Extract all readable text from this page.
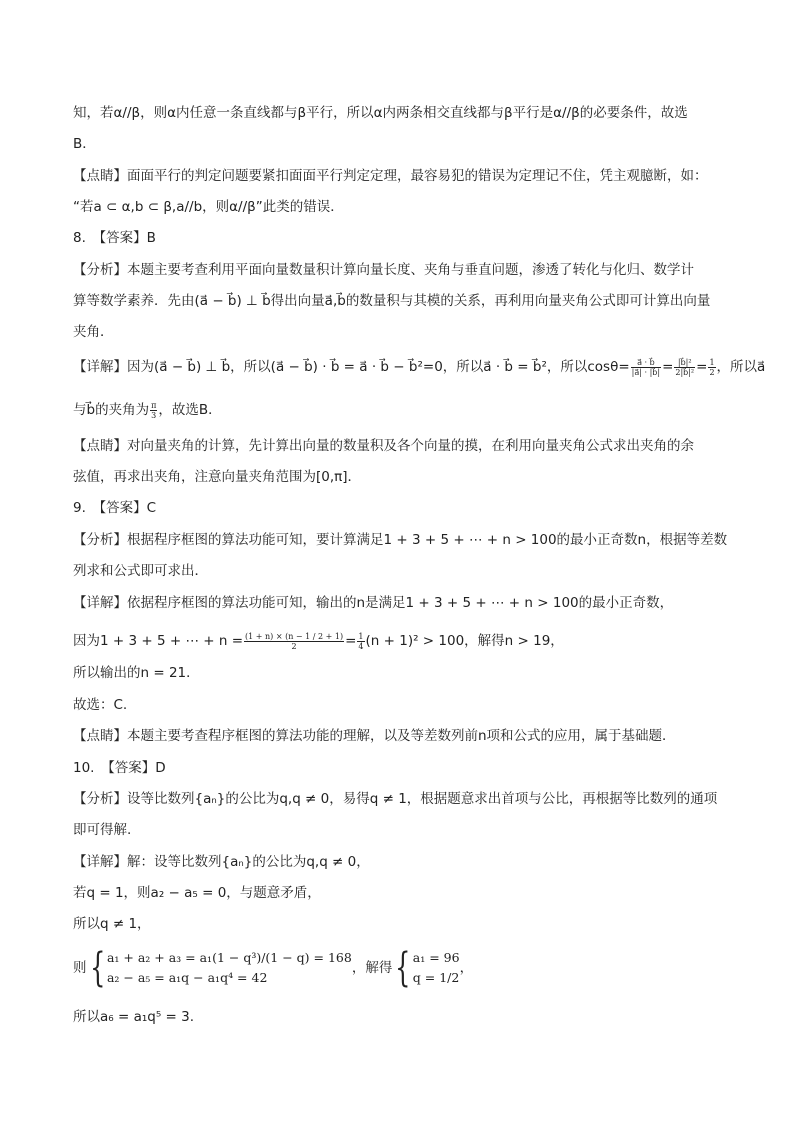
知，若α//β，则α内任意一条直线都与β平行，所以α内两条相交直线都与β平行是α//β的必要条件，故选
B．
【点睛】面面平行的判定问题要紧扣面面平行判定定理，最容易犯的错误为定理记不住，凭主观臆断，如：
“若a ⊂ α,b ⊂ β,a//b，则α//β”此类的错误．
8.　【答案】B
【分析】本题主要考查利用平面向量数量积计算向量长度、夹角与垂直问题，渗透了转化与化归、数学计
算等数学素养．先由(a⃗ − b⃗) ⊥ b⃗得出向量a⃗,b⃗的数量积与其模的关系，再利用向量夹角公式即可计算出向量
夹角．
【详解】因为(a⃗ − b⃗) ⊥ b⃗，所以(a⃗ − b⃗) · b⃗ = a⃗ · b⃗ − b⃗²=0，所以a⃗ · b⃗ = b⃗²，所以$\cos\theta= \frac{a⃗ \cdot b⃗}{|a⃗| \cdot |b⃗|} = \frac{\text{|b⃗|²}}{\text{2|b⃗|²}} = \frac{1}{2}$ ，所以a⃗
与b⃗的夹角为 $\frac{\pi}{3}$ ，故选B．
【点睛】对向量夹角的计算，先计算出向量的数量积及各个向量的摸，在利用向量夹角公式求出夹角的余
弦值，再求出夹角，注意向量夹角范围为[0,π]．
9.　【答案】C
【分析】根据程序框图的算法功能可知，要计算满足1 + 3 + 5 + ⋯ + n > 100的最小正奇数n，根据等差数
列求和公式即可求出．
【详解】依据程序框图的算法功能可知，输出的n是满足1 + 3 + 5 + ⋯ + n > 100的最小正奇数，
因为1 + 3 + 5 + ⋯ + $n = \frac{(1 + n) \times (n - 1 / 2 + 1)}{2} = \frac{1}{4} (n + 1)^2 > 100$，解得n > 19，
所以输出的n = 21．
故选：C.
【点睛】本题主要考查程序框图的算法功能的理解，以及等差数列前n项和公式的应用，属于基础题．
10.　【答案】D
【分析】设等比数列{aₙ}的公比为q,q ≠ 0，易得q ≠ 1，根据题意求出首项与公比，再根据等比数列的通项
即可得解.
【详解】解：设等比数列{aₙ}的公比为q,q ≠ 0，
若q = 1，则a₂ − a₅ = 0，与题意矛盾，
所以q ≠ 1，
则{ a₁ + a₂ + a₃ = a₁(1 − q³)/(1 − q) = 168
a₂ − a₅ = a₁q − a₁q⁴ = 42
，解得{ a₁ = 96
q = 1/2
，
所以a₆ = a₁q⁵ = 3.
